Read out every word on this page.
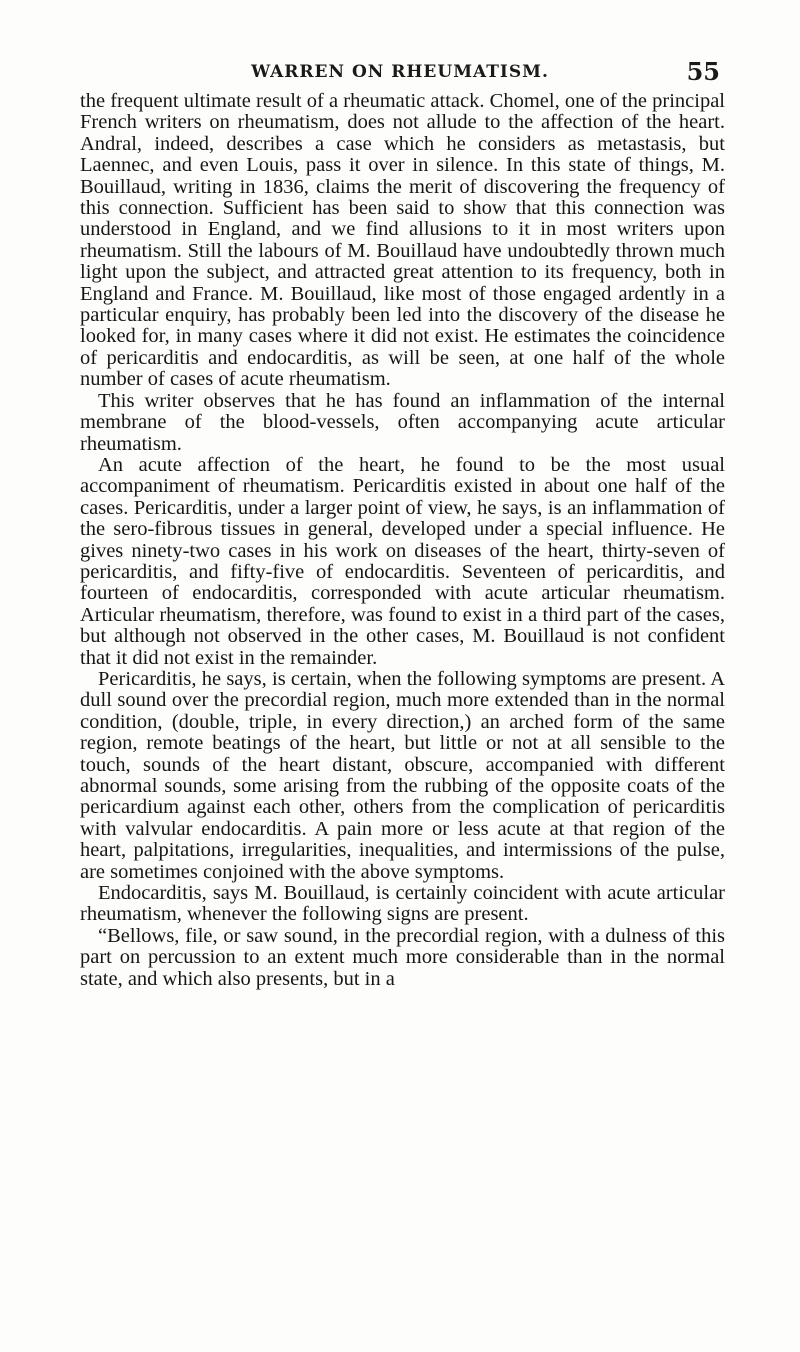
WARREN ON RHEUMATISM.	55

the frequent ultimate result of a rheumatic attack. Chomel, one of the principal French writers on rheumatism, does not allude to the affection of the heart. Andral, indeed, describes a case which he considers as metastasis, but Laennec, and even Louis, pass it over in silence. In this state of things, M. Bouillaud, writing in 1836, claims the merit of discovering the frequency of this connection. Sufficient has been said to show that this connection was understood in England, and we find allusions to it in most writers upon rheumatism. Still the labours of M. Bouillaud have undoubtedly thrown much light upon the subject, and attracted great attention to its frequency, both in England and France. M. Bouillaud, like most of those engaged ardently in a particular enquiry, has probably been led into the discovery of the disease he looked for, in many cases where it did not exist. He estimates the coincidence of pericarditis and endocarditis, as will be seen, at one half of the whole number of cases of acute rheumatism.

This writer observes that he has found an inflammation of the internal membrane of the blood-vessels, often accompanying acute articular rheumatism.

An acute affection of the heart, he found to be the most usual accompaniment of rheumatism. Pericarditis existed in about one half of the cases. Pericarditis, under a larger point of view, he says, is an inflammation of the sero-fibrous tissues in general, developed under a special influence. He gives ninety-two cases in his work on diseases of the heart, thirty-seven of pericarditis, and fifty-five of endocarditis. Seventeen of pericarditis, and fourteen of endocarditis, corresponded with acute articular rheumatism. Articular rheumatism, therefore, was found to exist in a third part of the cases, but although not observed in the other cases, M. Bouillaud is not confident that it did not exist in the remainder.

Pericarditis, he says, is certain, when the following symptoms are present. A dull sound over the precordial region, much more extended than in the normal condition, (double, triple, in every direction,) an arched form of the same region, remote beatings of the heart, but little or not at all sensible to the touch, sounds of the heart distant, obscure, accompanied with different abnormal sounds, some arising from the rubbing of the opposite coats of the pericardium against each other, others from the complication of pericarditis with valvular endocarditis. A pain more or less acute at that region of the heart, palpitations, irregularities, inequalities, and intermissions of the pulse, are sometimes conjoined with the above symptoms.

Endocarditis, says M. Bouillaud, is certainly coincident with acute articular rheumatism, whenever the following signs are present.

“Bellows, file, or saw sound, in the precordial region, with a dulness of this part on percussion to an extent much more considerable than in the normal state, and which also presents, but in a
